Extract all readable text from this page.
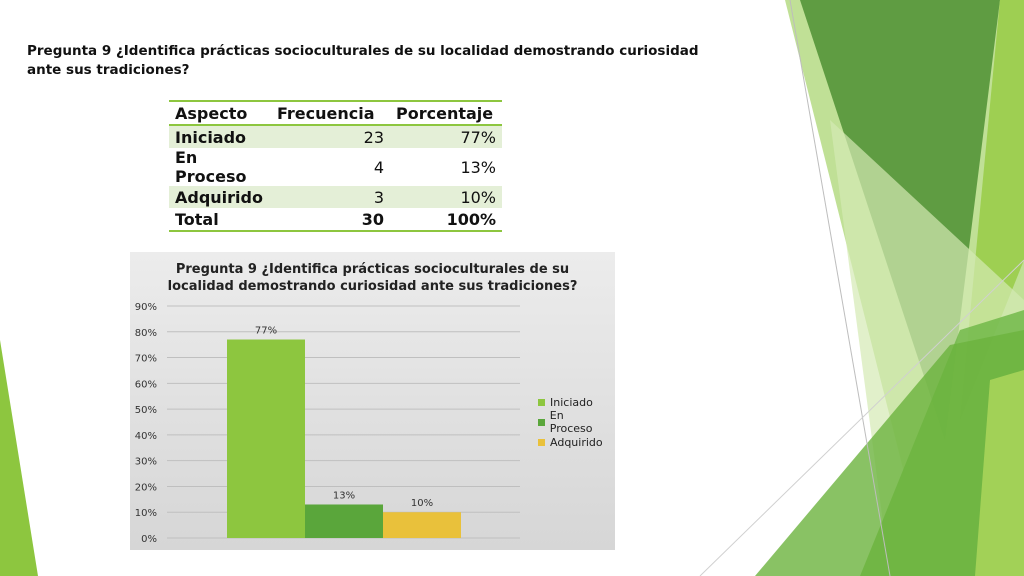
Pregunta 9 ¿Identifica prácticas socioculturales de su localidad demostrando curiosidad ante sus tradiciones?
Aspecto	Frecuencia	Porcentaje
Iniciado	23	77%
En Proceso	4	13%
Adquirido	3	10%
Total	30	100%
Pregunta 9 ¿Identifica prácticas socioculturales de su
localidad demostrando curiosidad ante sus tradiciones?
0%
10%
20%
30%
40%
50%
60%
70%
80%
90%
77%
13%
10%
Iniciado
En Proceso
Adquirido
